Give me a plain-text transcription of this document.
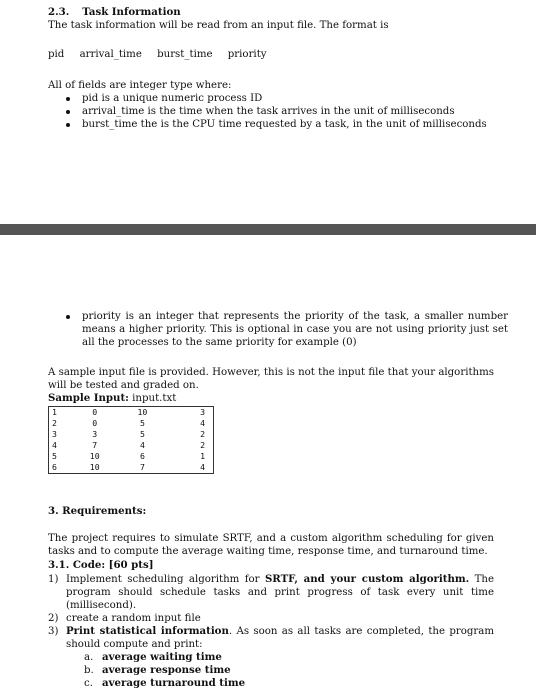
2.3. Task Information
The task information will be read from an input file. The format is
pid arrival_time burst_time priority
All of fields are integer type where:
pid is a unique numeric process ID
arrival_time is the time when the task arrives in the unit of milliseconds
burst_time the is the CPU time requested by a task, in the unit of milliseconds
priority is an integer that represents the priority of the task, a smaller number means a higher priority. This is optional in case you are not using priority just set all the processes to the same priority for example (0)
A sample input file is provided. However, this is not the input file that your algorithms will be tested and graded on.
Sample Input: input.txt
1	0	10	3
2	0	5	4
3	3	5	2
4	7	4	2
5	10	6	1
6	10	7	4
3. Requirements:
The project requires to simulate SRTF, and a custom algorithm scheduling for given tasks and to compute the average waiting time, response time, and turnaround time.
3.1. Code: [60 pts]
1) Implement scheduling algorithm for SRTF, and your custom algorithm. The program should schedule tasks and print progress of task every unit time (millisecond).
2) create a random input file
3) Print statistical information. As soon as all tasks are completed, the program should compute and print:
a. average waiting time
b. average response time
c. average turnaround time
